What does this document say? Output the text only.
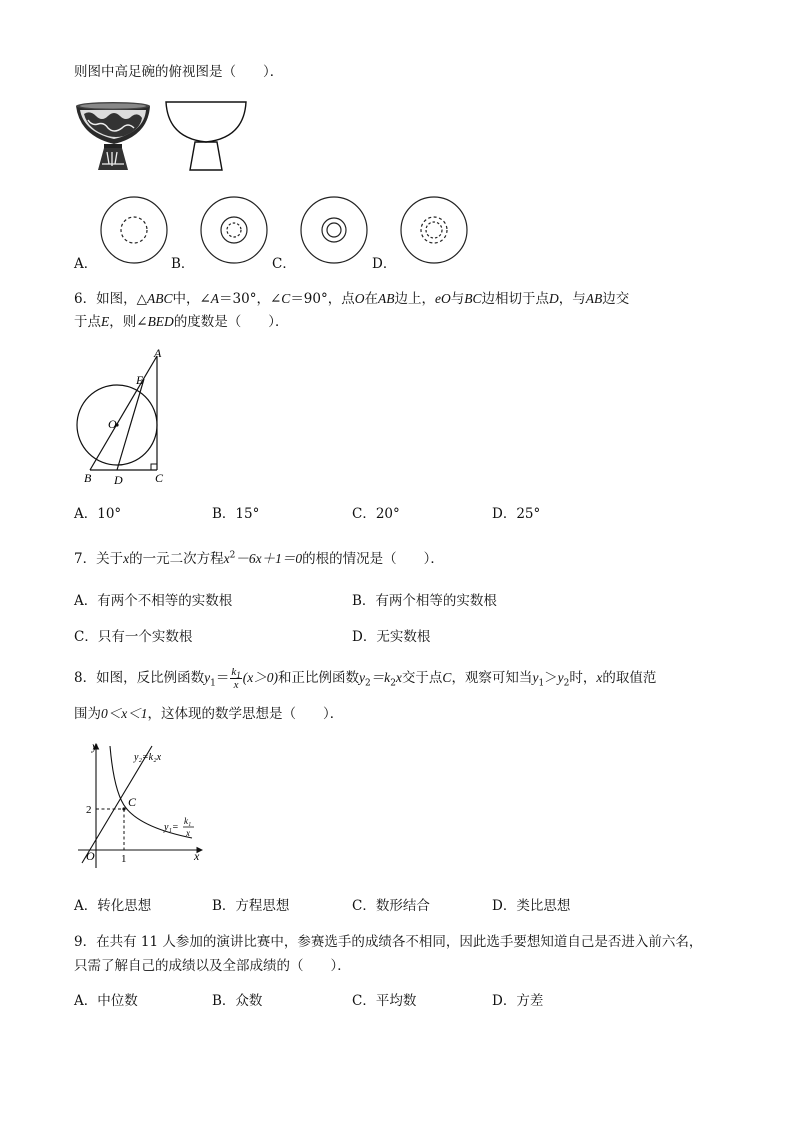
则图中高足碗的俯视图是（　　）．
A．	B．	C．	D．
6．如图，△ABC中，∠A＝30°，∠C＝90°，点O在AB边上，eO与BC边相切于点D，与AB边交
于点E，则∠BED的度数是（　　）．
A
E
O
B D	C
A．10°	B．15°	C．20°	D．25°
7．关于x的一元二次方程$x^2-6x+1=0$的根的情况是（　　）．
A．有两个不相等的实数根	B．有两个相等的实数根
C．只有一个实数根	D．无实数根
8．如图，反比例函数$y_1= \frac{k_1}{x} (x>0)$和正比例函数$y_2=k_2x$交于点C，观察可知当$y_1>y_2$时，x的取值范
围为0＜x＜1，这体现的数学思想是（　　）．
y
x
O 1
2
C
y₂=k₂x
y₁=
k₁
x
A．转化思想	B．方程思想	C．数形结合	D．类比思想
9．在共有 11 人参加的演讲比赛中，参赛选手的成绩各不相同，因此选手要想知道自己是否进入前六名，
只需了解自己的成绩以及全部成绩的（　　）．
A．中位数	B．众数	C．平均数	D．方差
